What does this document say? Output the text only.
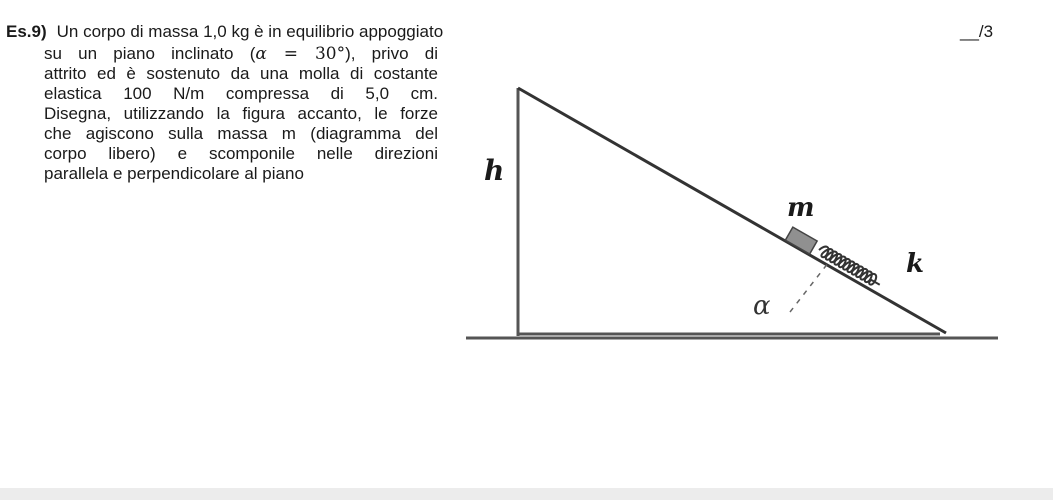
Es.9) Un corpo di massa 1,0 kg è in equilibrio appoggiato	__/3
su un piano inclinato (α = 30°), privo di
attrito ed è sostenuto da una molla di costante
elastica 100 N/m compressa di 5,0 cm.
Disegna, utilizzando la figura accanto, le forze
che agiscono sulla massa m (diagramma del
corpo libero) e scomponile nelle direzioni
parallela e perpendicolare al piano	h
m
k
α
